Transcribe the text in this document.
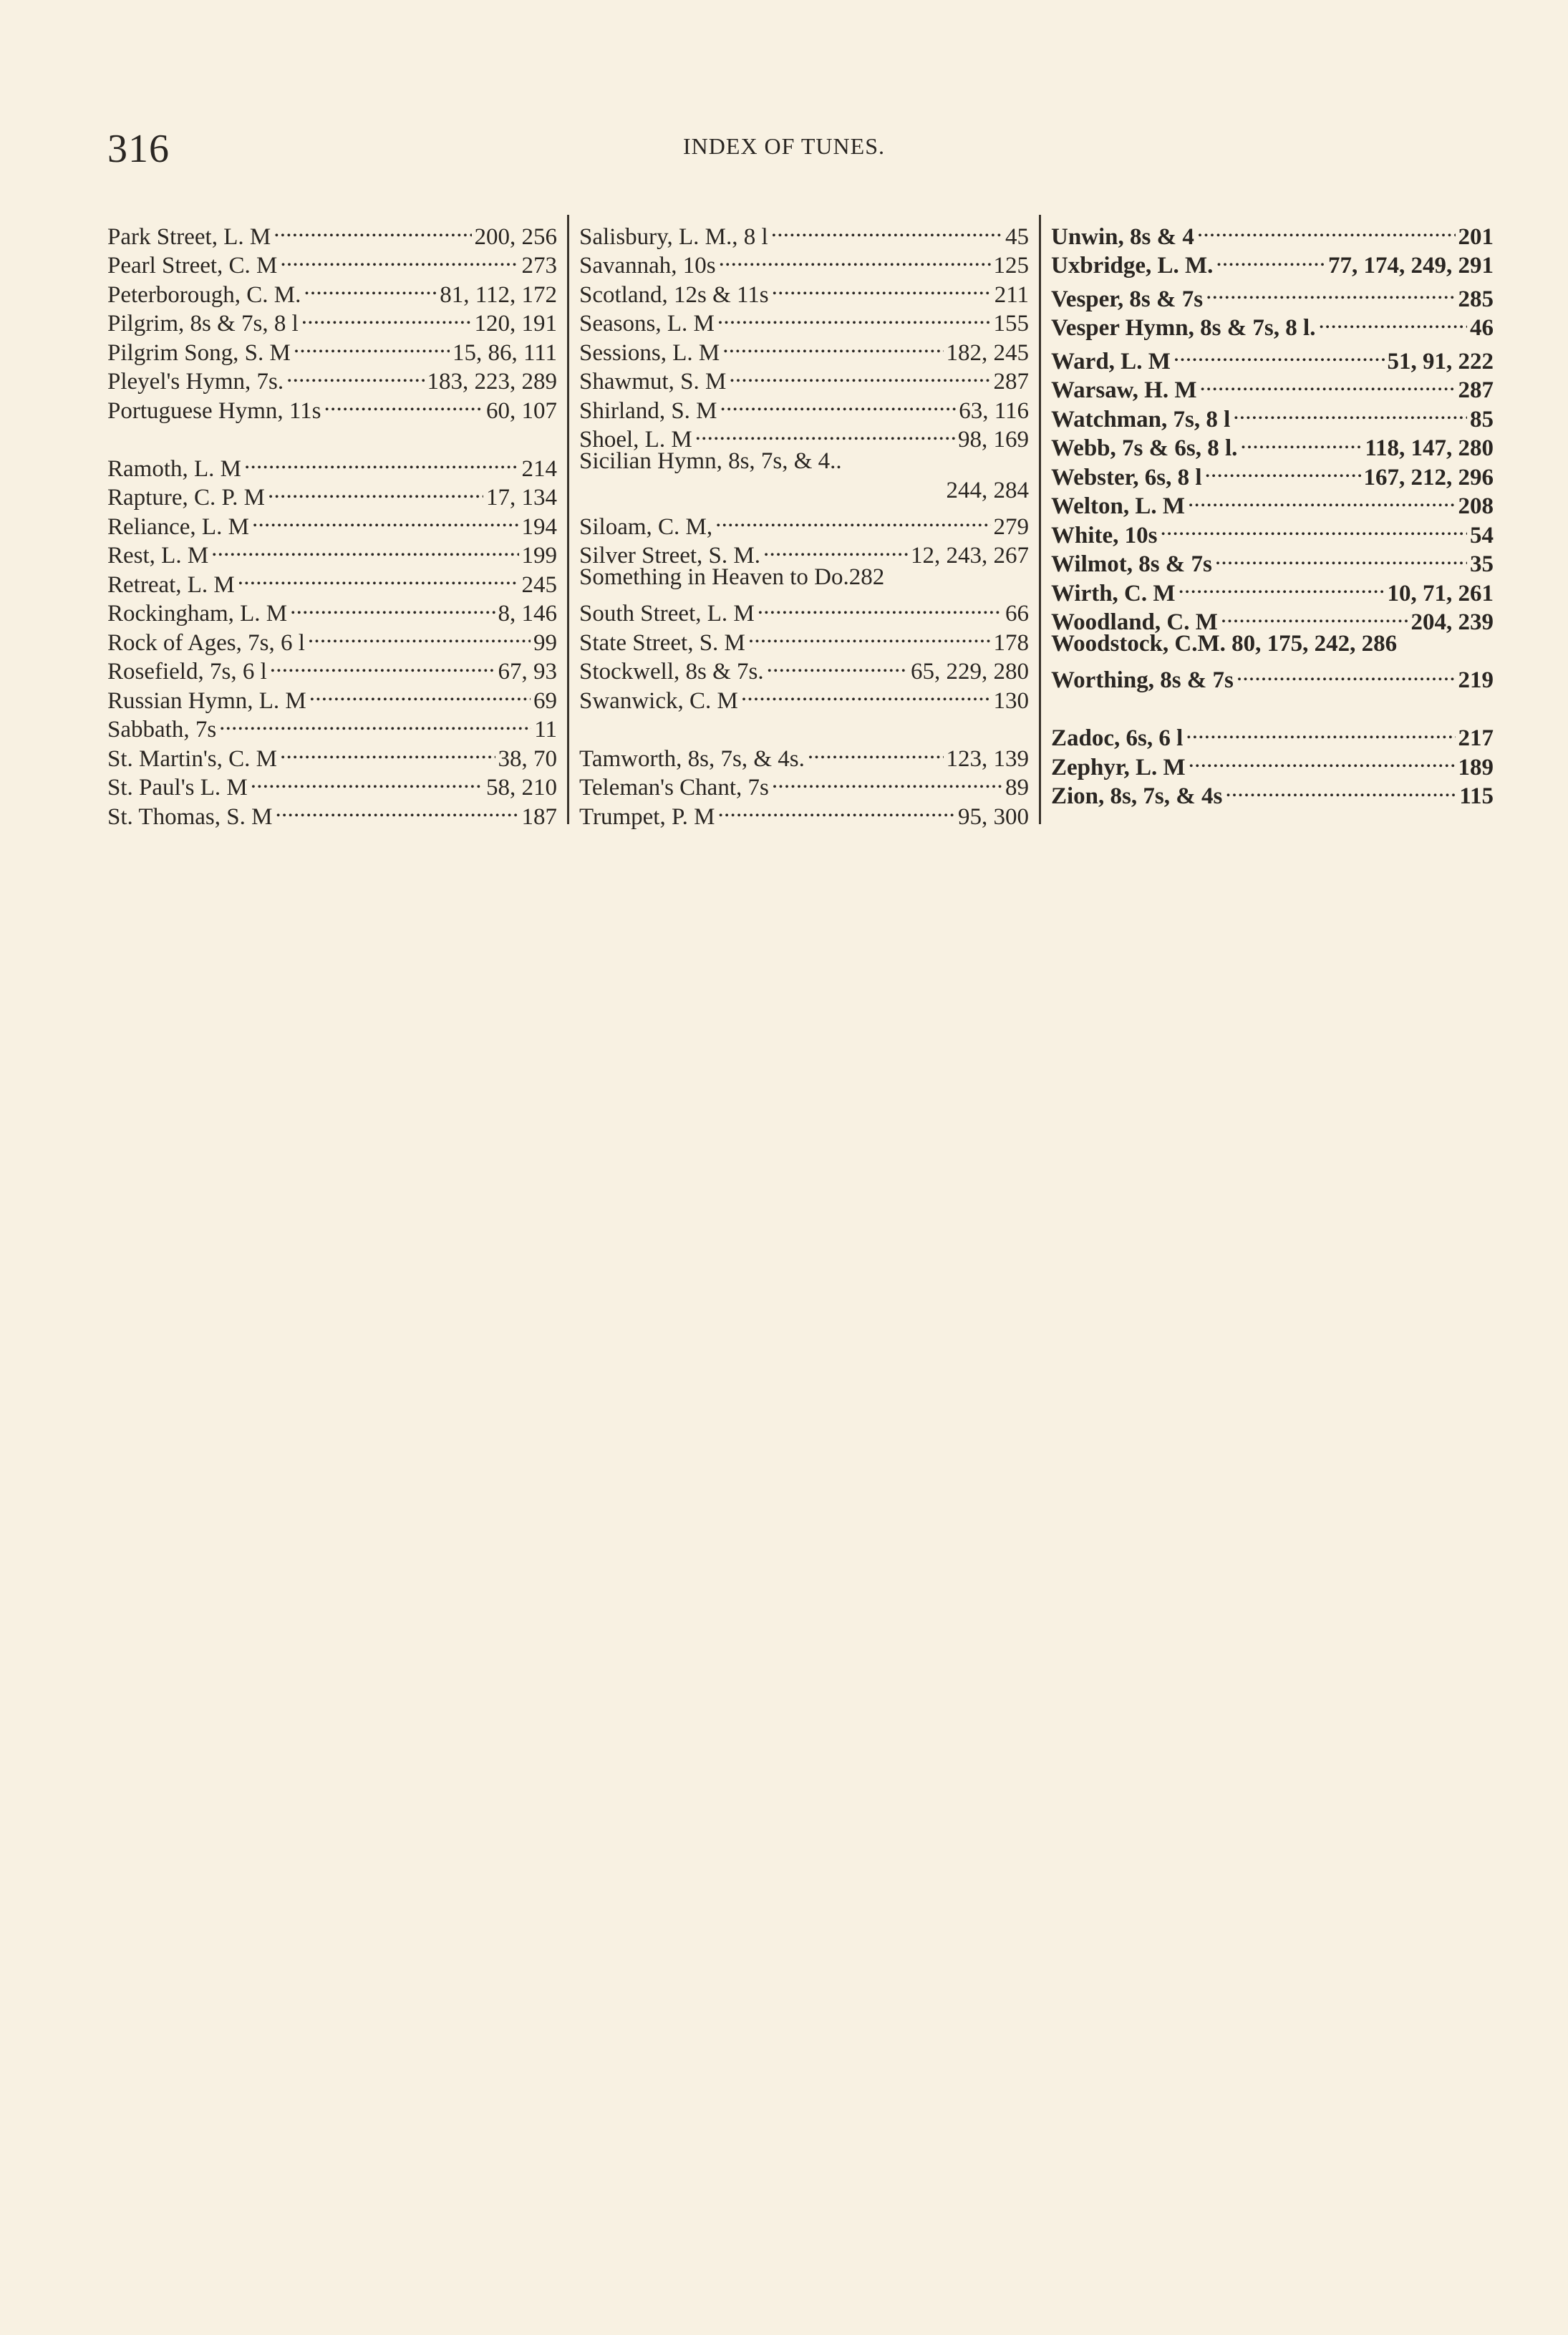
316	INDEX OF TUNES.
Park Street, L. M . . .	200, 256
Pearl Street, C. M . . .	273
Peterborough, C. M. . . .	81, 112, 172
Pilgrim, 8s & 7s, 8 l . . .	120, 191
Pilgrim Song, S. M . . .	15, 86, 111
Pleyel's Hymn, 7s. . . .	183, 223, 289
Portuguese Hymn, 11s . . .	60, 107
Ramoth, L. M . . .	214
Rapture, C. P. M . . .	17, 134
Reliance, L. M . . .	194
Rest, L. M . . .	199
Retreat, L. M . . .	245
Rockingham, L. M . . .	8, 146
Rock of Ages, 7s, 6 l . . .	99
Rosefield, 7s, 6 l . . .	67, 93
Russian Hymn, L. M . . .	69
Sabbath, 7s . . .	11
St. Martin's, C. M . . .	38, 70
St. Paul's L. M . . .	58, 210
St. Thomas, S. M . . .	187
Salisbury, L. M., 8 l . . .	45
Savannah, 10s . . .	125
Scotland, 12s & 11s . . .	211
Seasons, L. M . . .	155
Sessions, L. M . . .	182, 245
Shawmut, S. M . . .	287
Shirland, S. M . . .	63, 116
Shoel, L. M . . .	98, 169
Sicilian Hymn, 8s, 7s, & 4..
244, 284
Siloam, C. M, . . .	279
Silver Street, S. M. . . .	12, 243, 267
Something in Heaven to Do. 282
South Street, L. M . . .	66
State Street, S. M . . .	178
Stockwell, 8s & 7s. . . .	65, 229, 280
Swanwick, C. M . . .	130
Tamworth, 8s, 7s, & 4s. . . .	123, 139
Teleman's Chant, 7s . . .	89
Trumpet, P. M . . .	95, 300
Unwin, 8s & 4 . . .	201
Uxbridge, L. M. . . .	77, 174, 249, 291
Vesper, 8s & 7s . . .	285
Vesper Hymn, 8s & 7s, 8 l. . . .	46
Ward, L. M . . .	51, 91, 222
Warsaw, H. M . . .	287
Watchman, 7s, 8 l . . .	85
Webb, 7s & 6s, 8 l. . . .	118, 147, 280
Webster, 6s, 8 l . . .	167, 212, 296
Welton, L. M . . .	208
White, 10s . . .	54
Wilmot, 8s & 7s . . .	35
Wirth, C. M . . .	10, 71, 261
Woodland, C. M . . .	204, 239
Woodstock, C.M. 80, 175, 242, 286
Worthing, 8s & 7s . . .	219
Zadoc, 6s, 6 l . . .	217
Zephyr, L. M . . .	189
Zion, 8s, 7s, & 4s . . .	115
